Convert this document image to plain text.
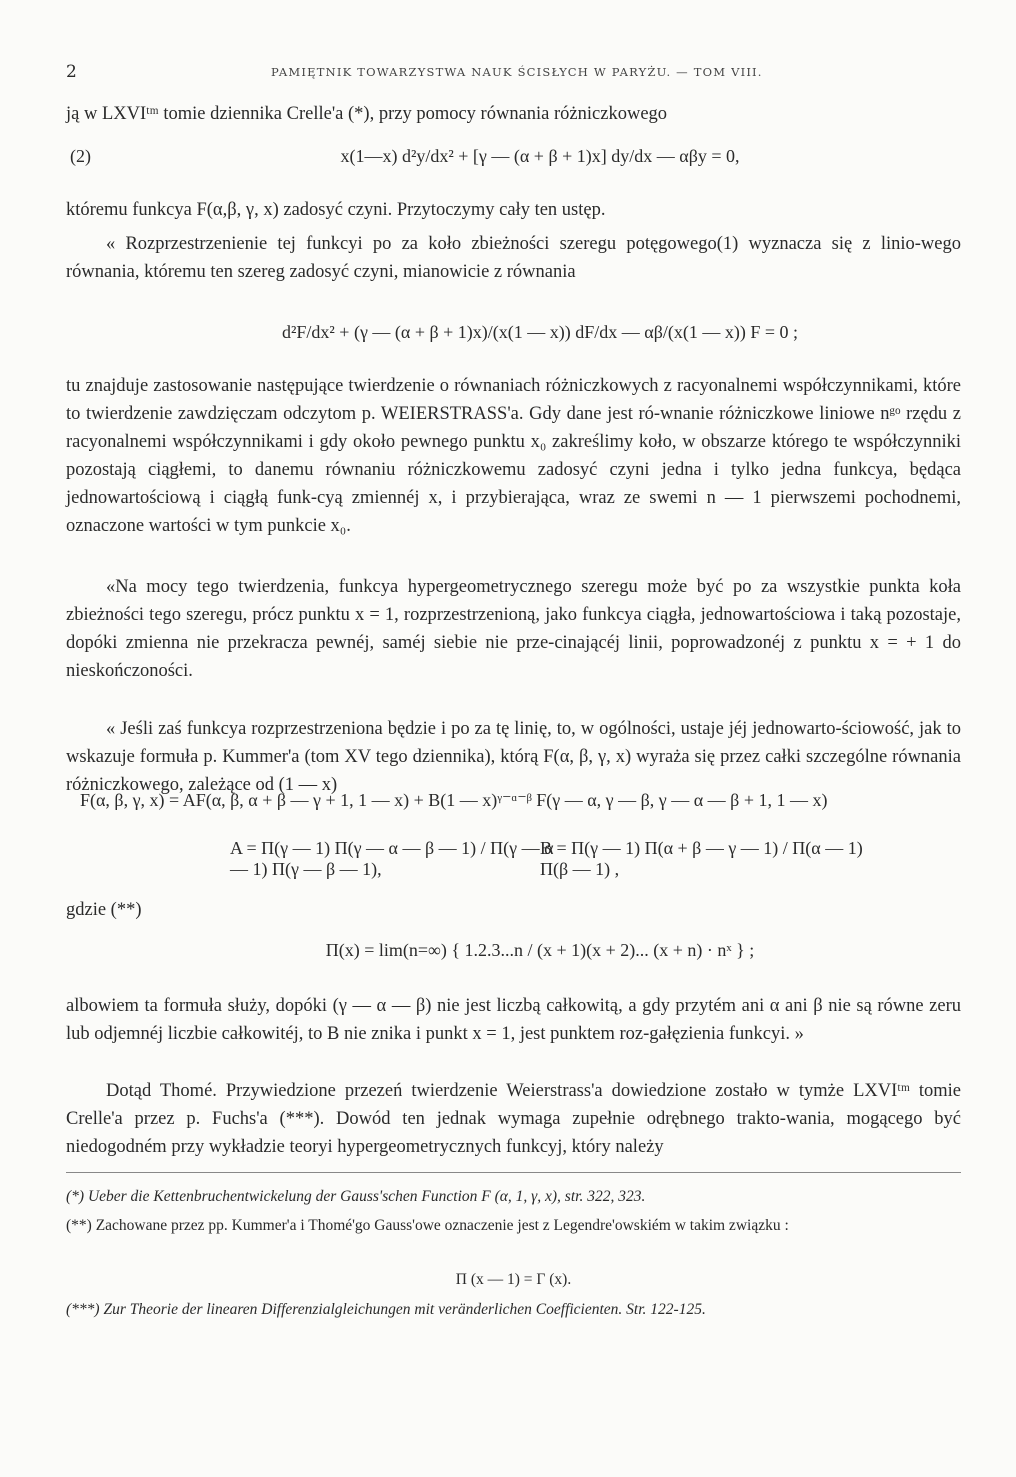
2	PAMIĘTNIK TOWARZYSTWA NAUK ŚCISŁYCH W PARYŻU. — TOM VIII.
ją w LXVIᵗᵐ tomie dziennika Crelle'a (*), przy pomocy równania różniczkowego
(2)	x(1—x) d²y/dx² + [γ — (α + β + 1)x] dy/dx — αβy = 0,
któremu funkcya F(α,β, γ, x) zadosyć czyni. Przytoczymy cały ten ustęp.
« Rozprzestrzenienie tej funkcyi po za koło zbieżności szeregu potęgowego(1) wyznacza się z linio-wego równania, któremu ten szereg zadosyć czyni, mianowicie z równania
d²F/dx² + (γ — (α + β + 1)x)/(x(1 — x)) dF/dx — αβ/(x(1 — x)) F = 0 ;
tu znajduje zastosowanie następujące twierdzenie o równaniach różniczkowych z racyonalnemi współczynnikami, które to twierdzenie zawdzięczam odczytom p. WEIERSTRASS'a. Gdy dane jest ró-wnanie różniczkowe liniowe nᵍᵒ rzędu z racyonalnemi współczynnikami i gdy około pewnego punktu x₀ zakreślimy koło, w obszarze którego te współczynniki pozostają ciągłemi, to danemu równaniu różniczkowemu zadosyć czyni jedna i tylko jedna funkcya, będąca jednowartościową i ciągłą funk-cyą zmiennéj x, i przybierająca, wraz ze swemi n — 1 pierwszemi pochodnemi, oznaczone wartości w tym punkcie x₀.
«Na mocy tego twierdzenia, funkcya hypergeometrycznego szeregu może być po za wszystkie punkta koła zbieżności tego szeregu, prócz punktu x = 1, rozprzestrzenioną, jako funkcya ciągła, jednowartościowa i taką pozostaje, dopóki zmienna nie przekracza pewnéj, saméj siebie nie prze-cinającéj linii, poprowadzonéj z punktu x = + 1 do nieskończoności.
« Jeśli zaś funkcya rozprzestrzeniona będzie i po za tę linię, to, w ogólności, ustaje jéj jednowarto-ściowość, jak to wskazuje formuła p. Kummer'a (tom XV tego dziennika), którą F(α, β, γ, x) wyraża się przez całki szczególne równania różniczkowego, zależące od (1 — x)
F(α, β, γ, x) = AF(α, β, α + β — γ + 1, 1 — x) + B(1 — x)ᵞ⁻ᵅ⁻ᵝ F(γ — α, γ — β, γ — α — β + 1, 1 — x)
A = Π(γ — 1) Π(γ — α — β — 1) / Π(γ — α — 1) Π(γ — β — 1),
B = Π(γ — 1) Π(α + β — γ — 1) / Π(α — 1) Π(β — 1) ,
gdzie (**)
Π(x) = lim(n=∞) { 1.2.3...n / (x + 1)(x + 2)... (x + n) · nˣ } ;
albowiem ta formuła służy, dopóki (γ — α — β) nie jest liczbą całkowitą, a gdy przytém ani α ani β nie są równe zeru lub odjemnéj liczbie całkowitéj, to B nie znika i punkt x = 1, jest punktem roz-gałęzienia funkcyi. »
Dotąd Thomé. Przywiedzione przezeń twierdzenie Weierstrass'a dowiedzione zostało w tymże LXVIᵗᵐ tomie Crelle'a przez p. Fuchs'a (***). Dowód ten jednak wymaga zupełnie odrębnego trakto-wania, mogącego być niedogodném przy wykładzie teoryi hypergeometrycznych funkcyj, który należy
(*) Ueber die Kettenbruchentwickelung der Gauss'schen Function F (α, 1, γ, x), str. 322, 323.
(**) Zachowane przez pp. Kummer'a i Thomé'go Gauss'owe oznaczenie jest z Legendre'owskiém w takim związku :
Π (x — 1) = Γ (x).
(***) Zur Theorie der linearen Differenzialgleichungen mit veränderlichen Coefficienten. Str. 122-125.
